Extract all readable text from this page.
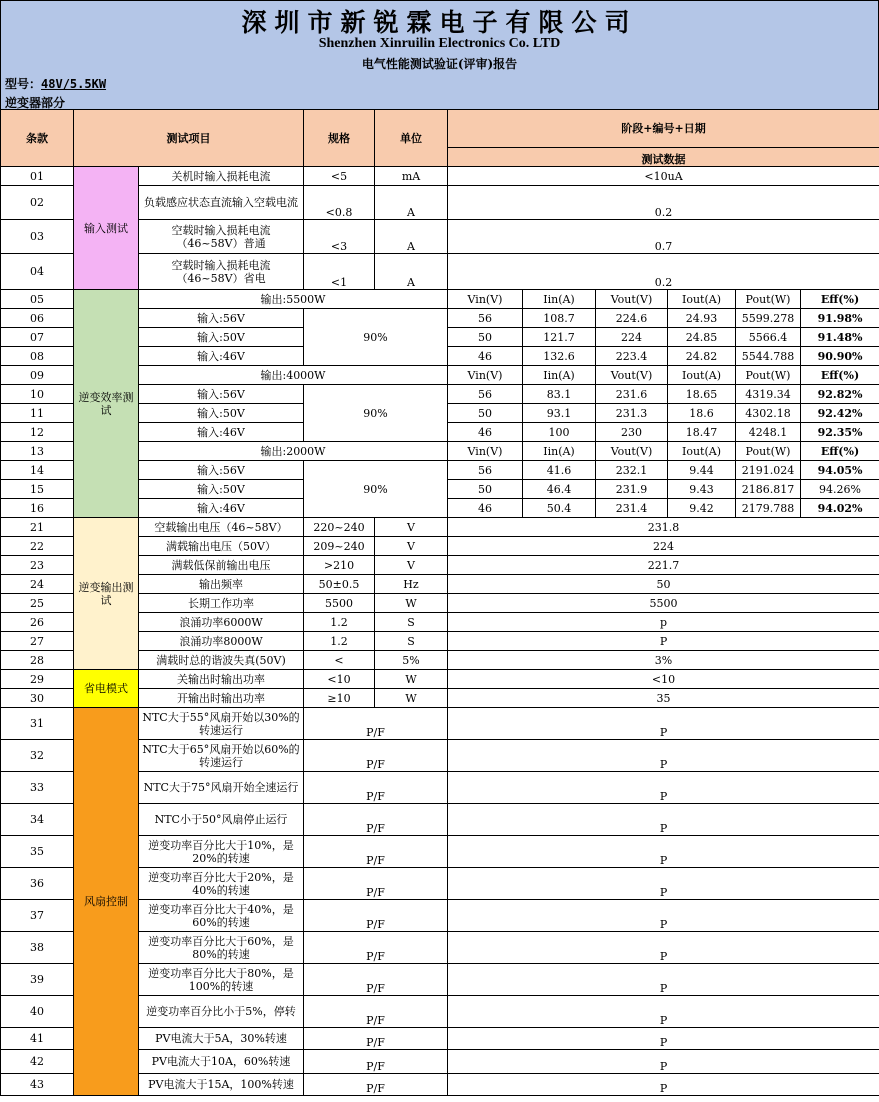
深圳市新锐霖电子有限公司
Shenzhen Xinruilin Electronics Co. LTD
电气性能测试验证(评审)报告
型号：48V/5.5KW
逆变器部分
条款	测试项目		规格	单位	阶段+编号+日期					
					测试数据					
01	输入测试	关机时输入损耗电流	<5	mA	<10uA					
02		负载感应状态直流输入空载电流	<0.8	A	0.2					
03		空载时输入损耗电流（46~58V）普通	<3	A	0.7					
04		空载时输入损耗电流（46~58V）省电	<1	A	0.2					
05	逆变效率测试	输出:5500W			Vin(V)	Iin(A)	Vout(V)	Iout(A)	Pout(W)	Eff(%)
06		输入:56V	90%		56	108.7	224.6	24.93	5599.278	91.98%
07		输入:50V			50	121.7	224	24.85	5566.4	91.48%
08		输入:46V			46	132.6	223.4	24.82	5544.788	90.90%
09		输出:4000W			Vin(V)	Iin(A)	Vout(V)	Iout(A)	Pout(W)	Eff(%)
10		输入:56V	90%		56	83.1	231.6	18.65	4319.34	92.82%
11		输入:50V			50	93.1	231.3	18.6	4302.18	92.42%
12		输入:46V			46	100	230	18.47	4248.1	92.35%
13		输出:2000W			Vin(V)	Iin(A)	Vout(V)	Iout(A)	Pout(W)	Eff(%)
14		输入:56V	90%		56	41.6	232.1	9.44	2191.024	94.05%
15		输入:50V			50	46.4	231.9	9.43	2186.817	94.26%
16		输入:46V			46	50.4	231.4	9.42	2179.788	94.02%
21	逆变输出测试	空载输出电压（46~58V）	220~240	V	231.8					
22		满载输出电压（50V）	209~240	V	224					
23		满载低保前输出电压	>210	V	221.7					
24		输出频率	50±0.5	Hz	50					
25		长期工作功率	5500	W	5500					
26		浪涌功率6000W	1.2	S	p					
27		浪涌功率8000W	1.2	S	P					
28		满载时总的谐波失真(50V)	<	5%	3%					
29	省电模式	关输出时输出功率	<10	W	<10					
30		开输出时输出功率	≥10	W	35					
31	风扇控制	NTC大于55°风扇开始以30%的转速运行	P/F		P					
32		NTC大于65°风扇开始以60%的转速运行	P/F		P					
33		NTC大于75°风扇开始全速运行	P/F		P					
34		NTC小于50°风扇停止运行	P/F		P					
35		逆变功率百分比大于10%，是20%的转速	P/F		P					
36		逆变功率百分比大于20%，是40%的转速	P/F		P					
37		逆变功率百分比大于40%，是60%的转速	P/F		P					
38		逆变功率百分比大于60%，是80%的转速	P/F		P					
39		逆变功率百分比大于80%，是100%的转速	P/F		P					
40		逆变功率百分比小于5%，停转	P/F		P					
41		PV电流大于5A，30%转速	P/F		P					
42		PV电流大于10A，60%转速	P/F		P					
43		PV电流大于15A，100%转速	P/F		P					
